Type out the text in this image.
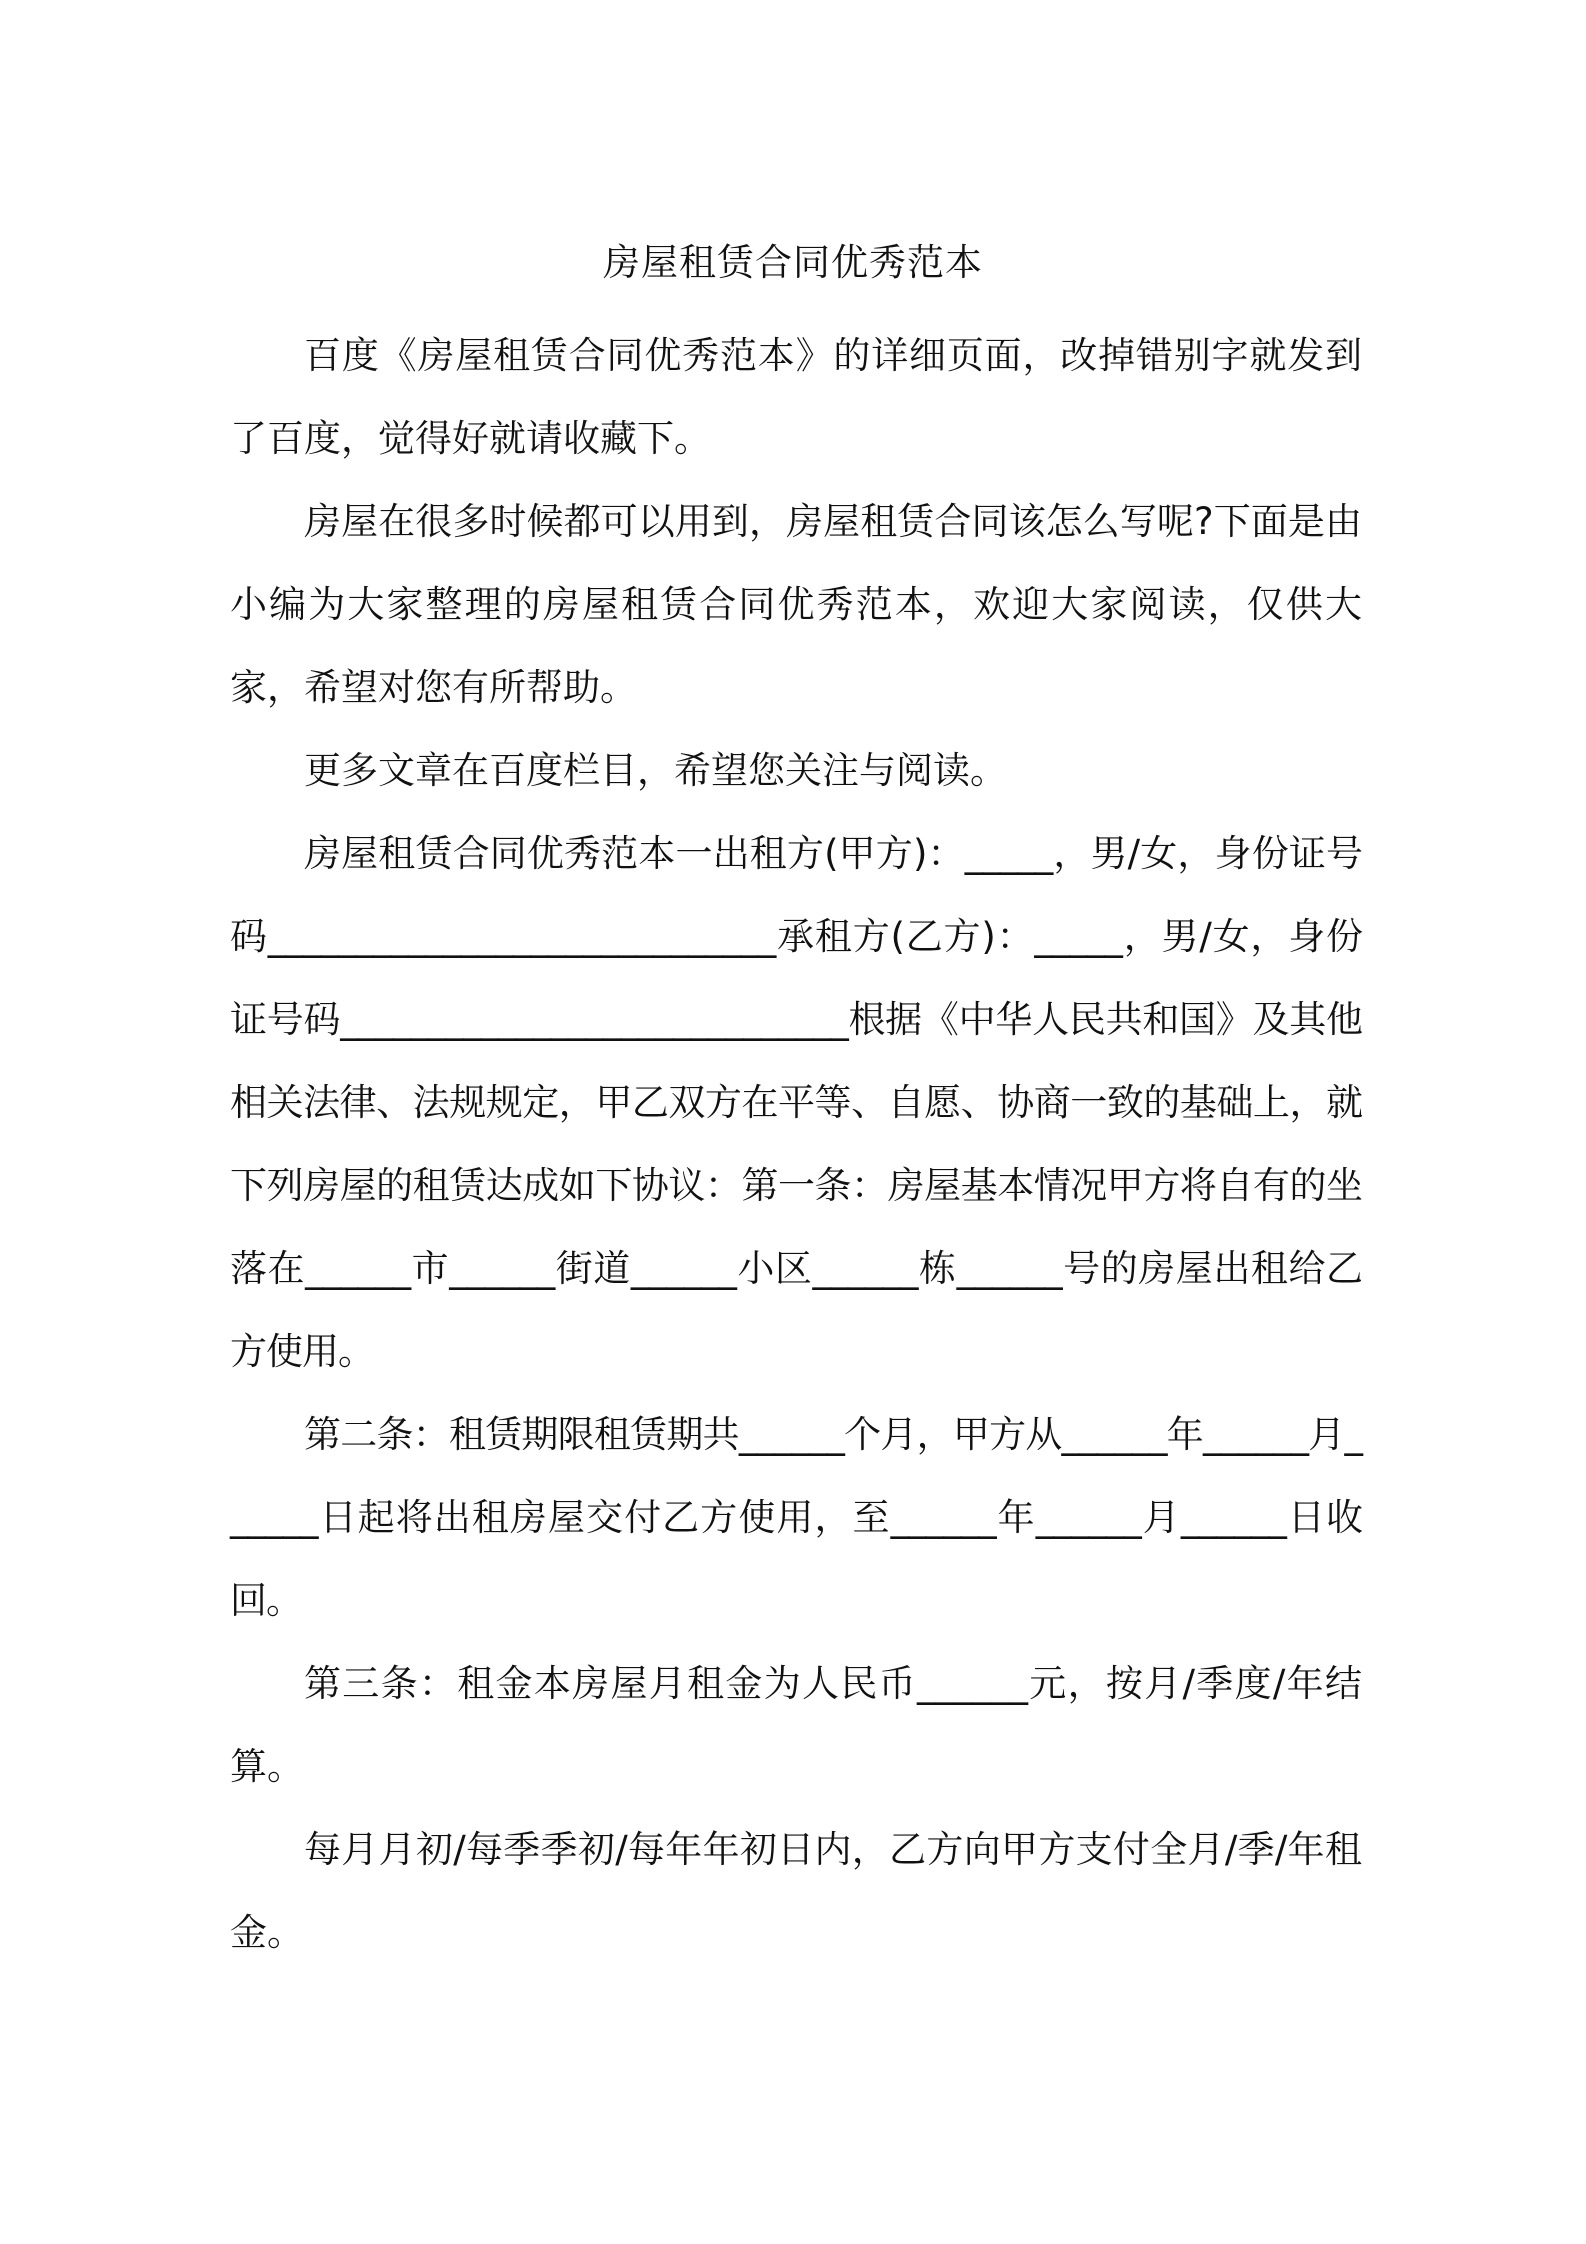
房屋租赁合同优秀范本

百度《房屋租赁合同优秀范本》的详细页面，改掉错别字就发到了百度，觉得好就请收藏下。

房屋在很多时候都可以用到，房屋租赁合同该怎么写呢?下面是由小编为大家整理的房屋租赁合同优秀范本，欢迎大家阅读，仅供大家，希望对您有所帮助。

更多文章在百度栏目，希望您关注与阅读。

房屋租赁合同优秀范本一出租方(甲方)：_____，男/女，身份证号码_____________________________承租方(乙方)：_____，男/女，身份证号码_____________________________根据《中华人民共和国》及其他相关法律、法规规定，甲乙双方在平等、自愿、协商一致的基础上，就下列房屋的租赁达成如下协议：第一条：房屋基本情况甲方将自有的坐落在______市______街道______小区______栋______号的房屋出租给乙方使用。

第二条：租赁期限租赁期共______个月，甲方从______年______月______日起将出租房屋交付乙方使用，至______年______月______日收回。

第三条：租金本房屋月租金为人民币______元，按月/季度/年结算。

每月月初/每季季初/每年年初日内，乙方向甲方支付全月/季/年租金。
